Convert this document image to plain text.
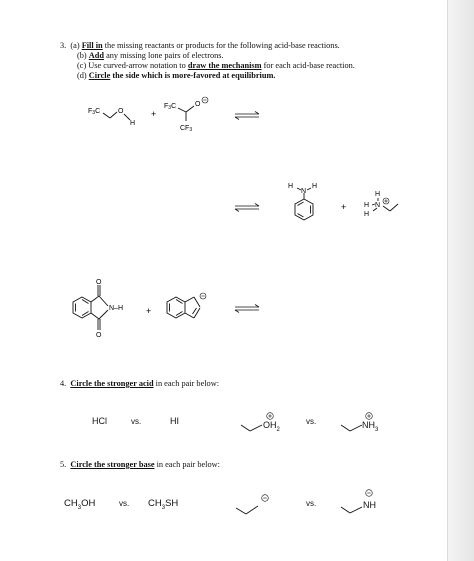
3. (a) Fill in the missing reactants or products for the following acid-base reactions.
(b) Add any missing lone pairs of electrons.
(c) Use curved-arrow notation to draw the mechanism for each acid-base reaction.
(d) Circle the side which is more-favored at equilibrium.
F3C	O
H
+
F3C	O
CF3
N
H	H
+
H
H N
H
O
O
N–H	+
4. Circle the stronger acid in each pair below:
HCl	vs.	HI	$OH_2$
vs.	$NH_3$
5. Circle the stronger base in each pair below:
$CH_3OH$	vs. $CH_3SH$	vs.	NH
